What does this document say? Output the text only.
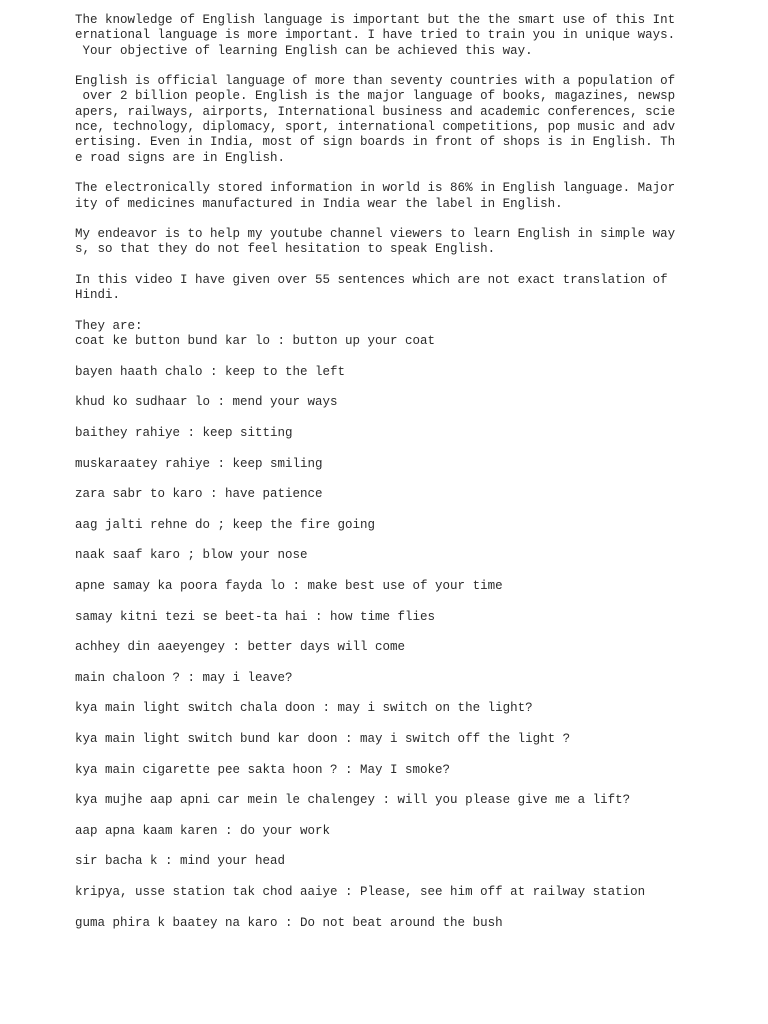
The knowledge of English language is important but the the smart use of this Int
ernational language is more important. I have tried to train you in unique ways.
Your objective of learning English can be achieved this way.

English is official language of more than seventy countries with a population of
over 2 billion people. English is the major language of books, magazines, newsp
apers, railways, airports, International business and academic conferences, scie
nce, technology, diplomacy, sport, international competitions, pop music and adv
ertising. Even in India, most of sign boards in front of shops is in English. Th
e road signs are in English.

The electronically stored information in world is 86% in English language. Major
ity of medicines manufactured in India wear the label in English.

My endeavor is to help my youtube channel viewers to learn English in simple way
s, so that they do not feel hesitation to speak English.

In this video I have given over 55 sentences which are not exact translation of
Hindi.

They are:

coat ke button bund kar lo : button up your coat
bayen haath chalo : keep to the left
khud ko sudhaar lo : mend your ways
baithey rahiye : keep sitting
muskaraatey rahiye : keep smiling
zara sabr to karo : have patience
aag jalti rehne do ; keep the fire going
naak saaf karo ; blow your nose
apne samay ka poora fayda lo : make best use of your time
samay kitni tezi se beet-ta hai : how time flies
achhey din aaeyengey : better days will come
main chaloon ? : may i leave?
kya main light switch chala doon : may i switch on the light?
kya main light switch bund kar doon : may i switch off the light ?
kya main cigarette pee sakta hoon ? : May I smoke?
kya mujhe aap apni car mein le chalengey : will you please give me a lift?
aap apna kaam karen : do your work
sir bacha k : mind your head
kripya, usse station tak chod aaiye : Please, see him off at railway station
guma phira k baatey na karo : Do not beat around the bush
